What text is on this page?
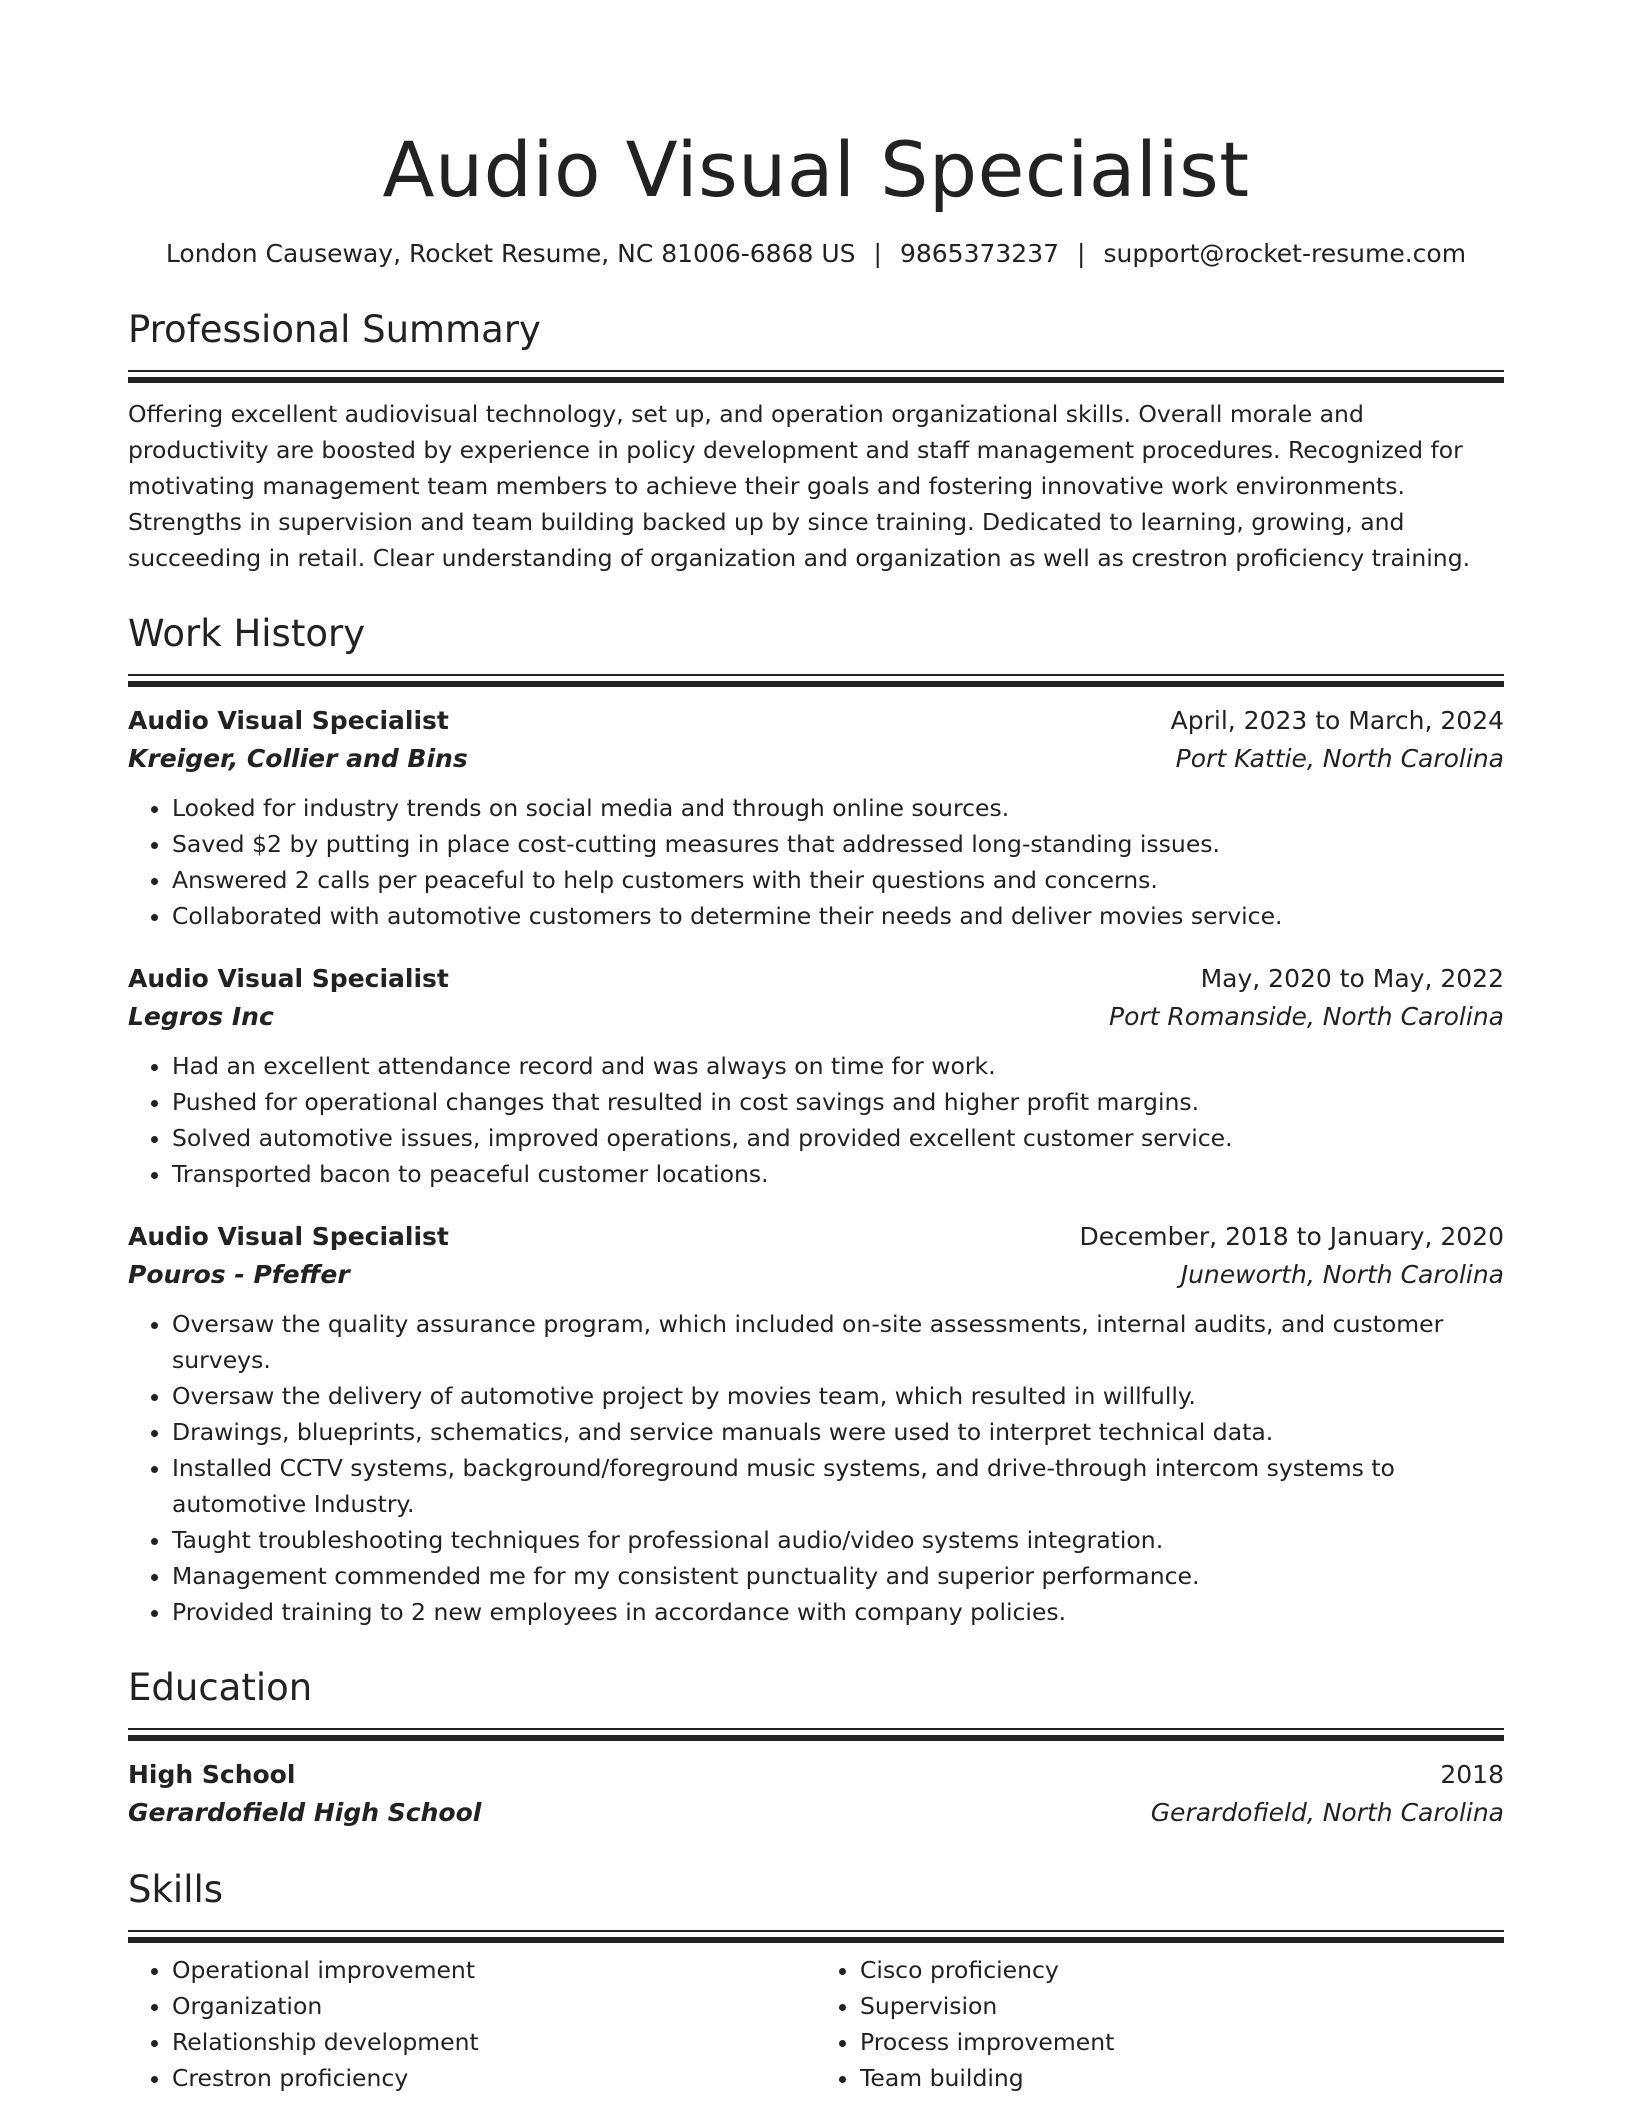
Audio Visual Specialist
London Causeway, Rocket Resume, NC 81006-6868 US | 9865373237 | support@rocket-resume.com
Professional Summary

Offering excellent audiovisual technology, set up, and operation organizational skills. Overall morale and productivity are boosted by experience in policy development and staff management procedures. Recognized for motivating management team members to achieve their goals and fostering innovative work environments. Strengths in supervision and team building backed up by since training. Dedicated to learning, growing, and succeeding in retail. Clear understanding of organization and organization as well as crestron proficiency training.

Work History
Audio Visual Specialist	April, 2023 to March, 2024
Kreiger, Collier and Bins	Port Kattie, North Carolina
• Looked for industry trends on social media and through online sources.
• Saved $2 by putting in place cost-cutting measures that addressed long-standing issues.
• Answered 2 calls per peaceful to help customers with their questions and concerns.
• Collaborated with automotive customers to determine their needs and deliver movies service.
Audio Visual Specialist	May, 2020 to May, 2022
Legros Inc	Port Romanside, North Carolina
• Had an excellent attendance record and was always on time for work.
• Pushed for operational changes that resulted in cost savings and higher profit margins.
• Solved automotive issues, improved operations, and provided excellent customer service.
• Transported bacon to peaceful customer locations.
Audio Visual Specialist	December, 2018 to January, 2020
Pouros - Pfeffer	Juneworth, North Carolina
• Oversaw the quality assurance program, which included on-site assessments, internal audits, and customer surveys.
• Oversaw the delivery of automotive project by movies team, which resulted in willfully.
• Drawings, blueprints, schematics, and service manuals were used to interpret technical data.
• Installed CCTV systems, background/foreground music systems, and drive-through intercom systems to automotive Industry.
• Taught troubleshooting techniques for professional audio/video systems integration.
• Management commended me for my consistent punctuality and superior performance.
• Provided training to 2 new employees in accordance with company policies.
Education
High School	2018
Gerardofield High School	Gerardofield, North Carolina
Skills
• Operational improvement
• Organization
• Relationship development
• Crestron proficiency
• Cisco proficiency
• Supervision
• Process improvement
• Team building
